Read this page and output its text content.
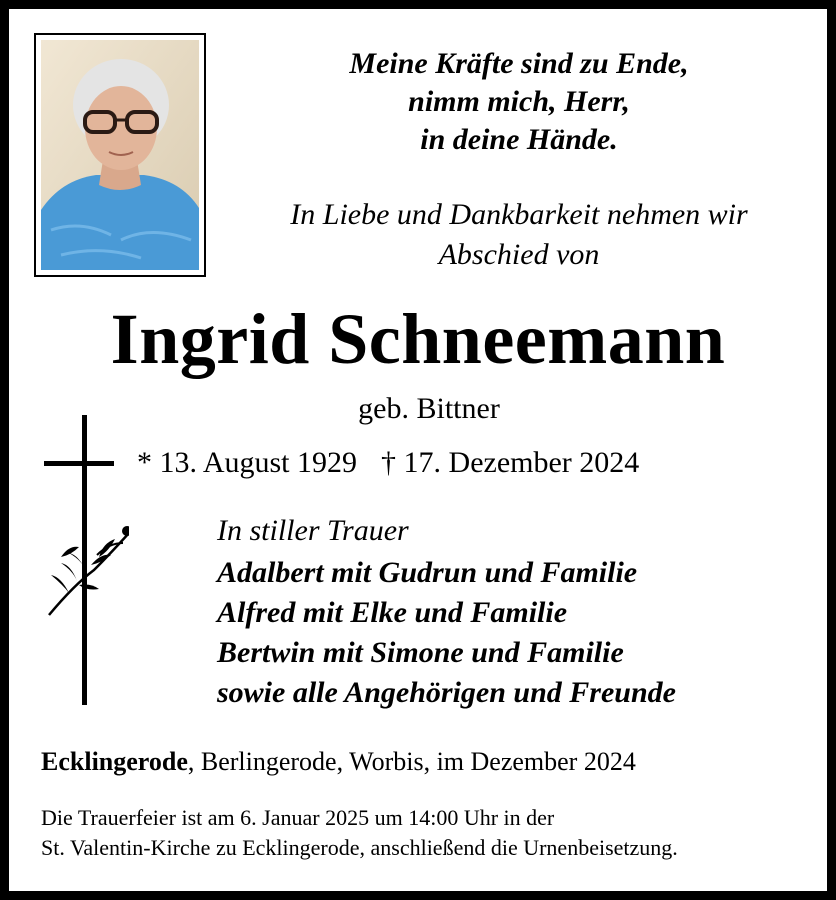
Meine Kräfte sind zu Ende,
nimm mich, Herr,
in deine Hände.
In Liebe und Dankbarkeit nehmen wir
Abschied von
Ingrid Schneemann
geb. Bittner
* 13. August 1929 † 17. Dezember 2024
In stiller Trauer
Adalbert mit Gudrun und Familie
Alfred mit Elke und Familie
Bertwin mit Simone und Familie
sowie alle Angehörigen und Freunde
Ecklingerode, Berlingerode, Worbis, im Dezember 2024
Die Trauerfeier ist am 6. Januar 2025 um 14:00 Uhr in der
St. Valentin-Kirche zu Ecklingerode, anschließend die Urnenbeisetzung.
